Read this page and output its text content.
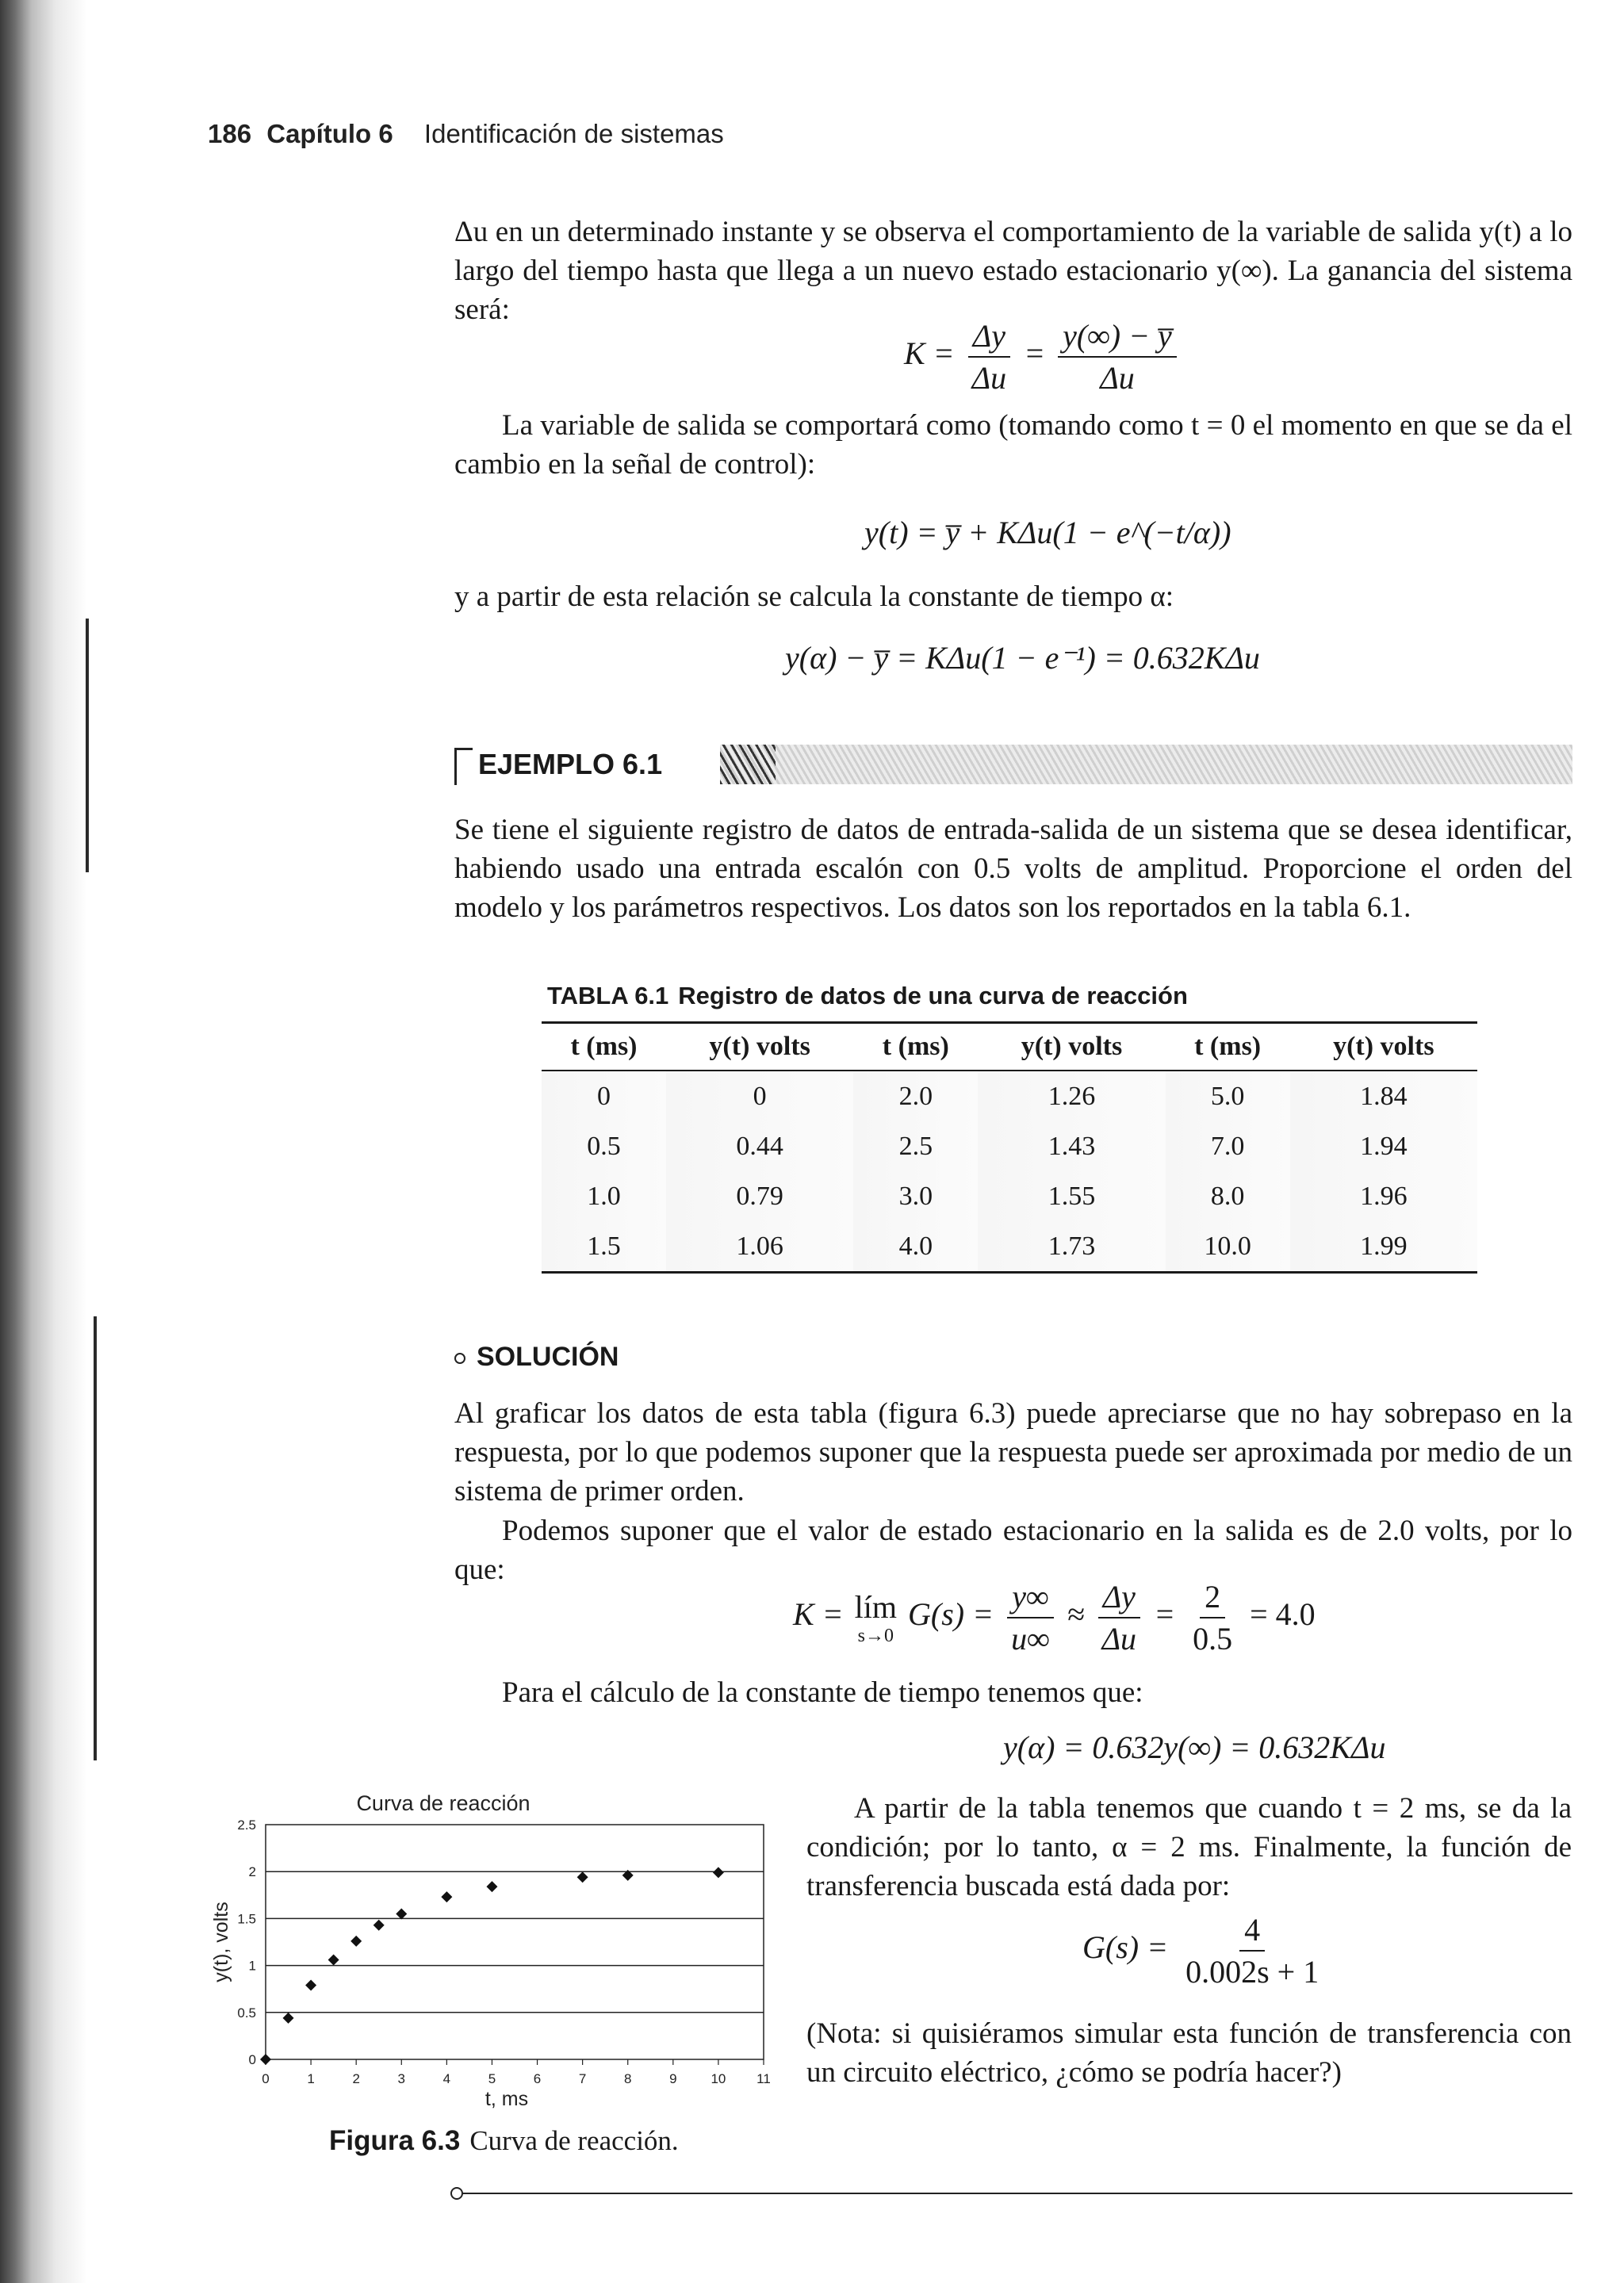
186 Capítulo 6 Identificación de sistemas
Δu en un determinado instante y se observa el comportamiento de la variable de salida y(t) a lo largo del tiempo hasta que llega a un nuevo estado estacionario y(∞). La ganancia del sistema será:
$K = \frac{\Delta y}{\Delta u} = \frac{y(\infty) - y̅}{\Delta u}$
La variable de salida se comportará como (tomando como t = 0 el momento en que se da el cambio en la señal de control):
y(t) = y̅ + KΔu(1 − e^(−t/α))
y a partir de esta relación se calcula la constante de tiempo α:
y(α) − y̅ = KΔu(1 − e⁻¹) = 0.632KΔu
EJEMPLO 6.1
Se tiene el siguiente registro de datos de entrada-salida de un sistema que se desea identificar, habiendo usado una entrada escalón con 0.5 volts de amplitud. Proporcione el orden del modelo y los parámetros respectivos. Los datos son los reportados en la tabla 6.1.
TABLA 6.1 Registro de datos de una curva de reacción
t (ms)	y(t) volts	t (ms)	y(t) volts	t (ms)	y(t) volts
0	0	2.0	1.26	5.0	1.84
0.5	0.44	2.5	1.43	7.0	1.94
1.0	0.79	3.0	1.55	8.0	1.96
1.5	1.06	4.0	1.73	10.0	1.99
SOLUCIÓN
Al graficar los datos de esta tabla (figura 6.3) puede apreciarse que no hay sobrepaso en la respuesta, por lo que podemos suponer que la respuesta puede ser aproximada por medio de un sistema de primer orden.
Podemos suponer que el valor de estado estacionario en la salida es de 2.0 volts, por lo que:
K = lím
s→0
$G(s) = \frac{y\infty}{u\infty} \approx \frac{\Delta y}{\Delta u} = \frac{2}{0.5} = 4.0$
Para el cálculo de la constante de tiempo tenemos que:
y(α) = 0.632y(∞) = 0.632KΔu
A partir de la tabla tenemos que cuando t = 2 ms, se da la condición; por lo tanto, α = 2 ms. Finalmente, la función de transferencia buscada está dada por:
$G(s) = \frac{4}{0.002s + 1}$
(Nota: si quisiéramos simular esta función de transferencia con un circuito eléctrico, ¿cómo se podría hacer?)
0
0.5
1
1.5
2
2.5
0	1	2	3	4	5	6	7	8	9	10 11
Curva de reacción
t, ms
y(t), volts
Figura 6.3 Curva de reacción.
